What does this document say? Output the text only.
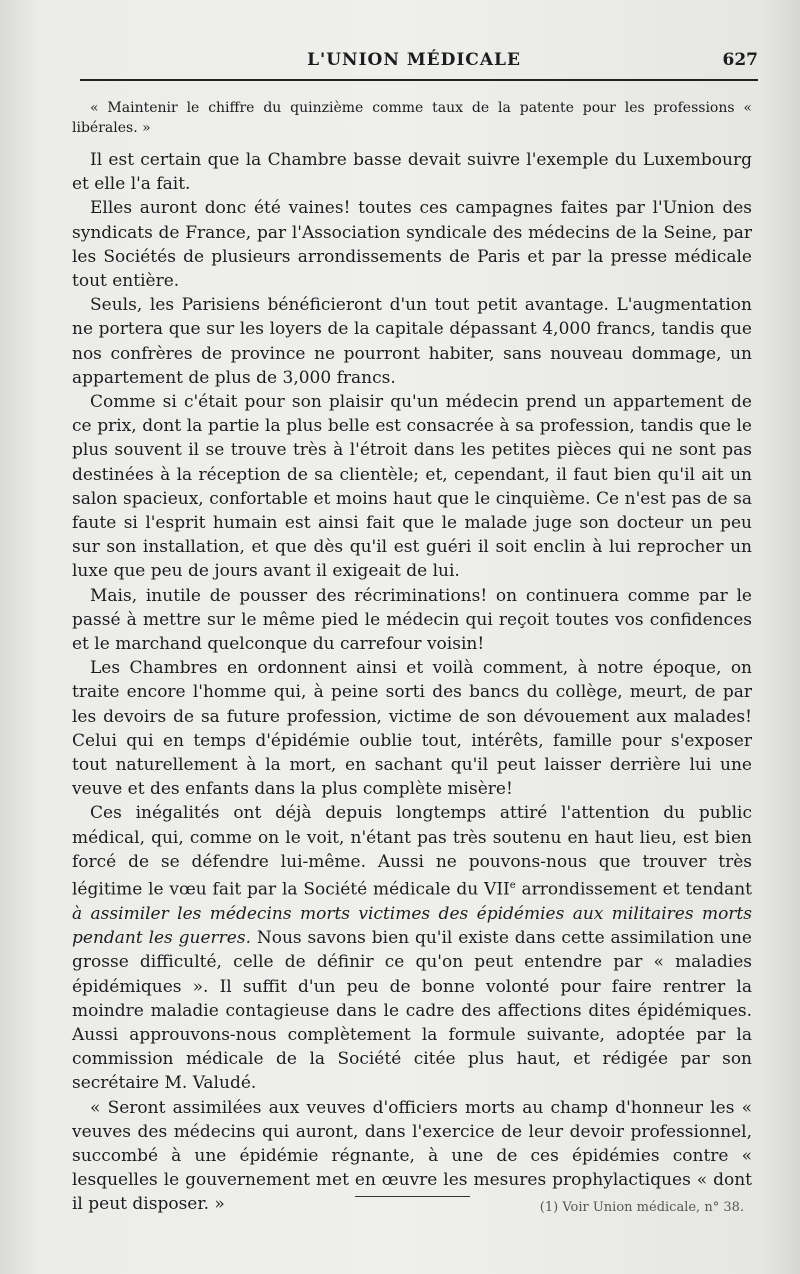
L'UNION MÉDICALE	627

« Maintenir le chiffre du quinzième comme taux de la patente pour les professions « libérales. »

Il est certain que la Chambre basse devait suivre l'exemple du Luxembourg et elle l'a fait.

Elles auront donc été vaines! toutes ces campagnes faites par l'Union des syndicats de France, par l'Association syndicale des médecins de la Seine, par les Sociétés de plusieurs arrondissements de Paris et par la presse médicale tout entière.

Seuls, les Parisiens bénéficieront d'un tout petit avantage. L'augmentation ne portera que sur les loyers de la capitale dépassant 4,000 francs, tandis que nos confrères de province ne pourront habiter, sans nouveau dommage, un appartement de plus de 3,000 francs.

Comme si c'était pour son plaisir qu'un médecin prend un appartement de ce prix, dont la partie la plus belle est consacrée à sa profession, tandis que le plus souvent il se trouve très à l'étroit dans les petites pièces qui ne sont pas destinées à la réception de sa clientèle; et, cependant, il faut bien qu'il ait un salon spacieux, confortable et moins haut que le cinquième. Ce n'est pas de sa faute si l'esprit humain est ainsi fait que le malade juge son docteur un peu sur son installation, et que dès qu'il est guéri il soit enclin à lui reprocher un luxe que peu de jours avant il exigeait de lui.

Mais, inutile de pousser des récriminations! on continuera comme par le passé à mettre sur le même pied le médecin qui reçoit toutes vos confidences et le marchand quelconque du carrefour voisin!

Les Chambres en ordonnent ainsi et voilà comment, à notre époque, on traite encore l'homme qui, à peine sorti des bancs du collège, meurt, de par les devoirs de sa future profession, victime de son dévouement aux malades! Celui qui en temps d'épidémie oublie tout, intérêts, famille pour s'exposer tout naturellement à la mort, en sachant qu'il peut laisser derrière lui une veuve et des enfants dans la plus complète misère!

Ces inégalités ont déjà depuis longtemps attiré l'attention du public médical, qui, comme on le voit, n'étant pas très soutenu en haut lieu, est bien forcé de se défendre lui-même. Aussi ne pouvons-nous que trouver très légitime le vœu fait par la Société médicale du VIIe arrondissement et tendant à assimiler les médecins morts victimes des épidémies aux militaires morts pendant les guerres. Nous savons bien qu'il existe dans cette assimilation une grosse difficulté, celle de définir ce qu'on peut entendre par « maladies épidémiques ». Il suffit d'un peu de bonne volonté pour faire rentrer la moindre maladie contagieuse dans le cadre des affections dites épidémiques. Aussi approuvons-nous complètement la formule suivante, adoptée par la commission médicale de la Société citée plus haut, et rédigée par son secrétaire M. Valudé.

« Seront assimilées aux veuves d'officiers morts au champ d'honneur les « veuves des médecins qui auront, dans l'exercice de leur devoir professionnel, succombé à une épidémie régnante, à une de ces épidémies contre « lesquelles le gouvernement met en œuvre les mesures prophylactiques « dont il peut disposer. »	(1) Voir Union médicale, n° 38.
